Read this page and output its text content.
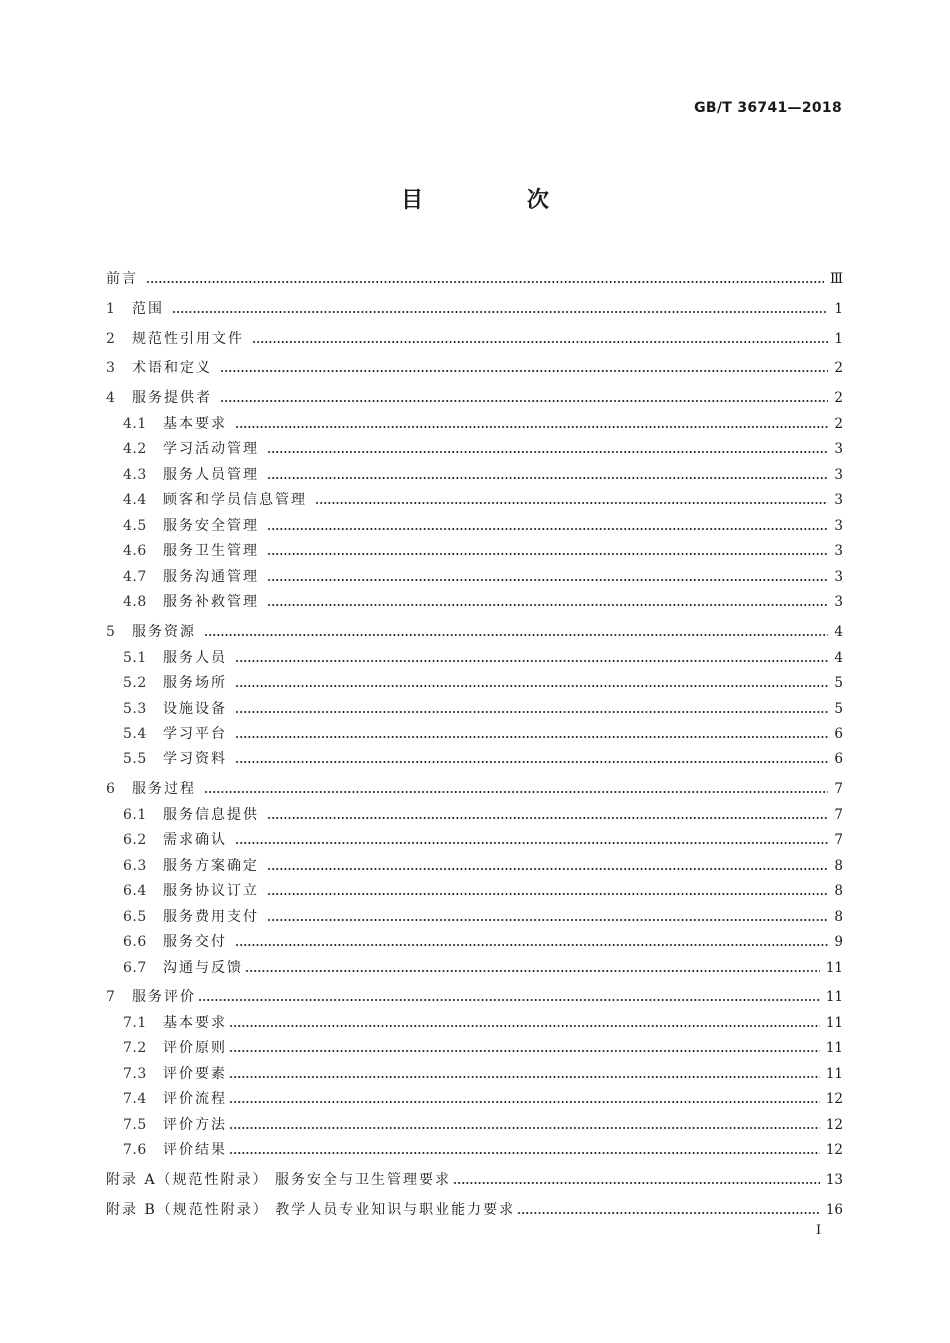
GB/T 36741—2018
目 次
前言	Ⅲ
1	范围	1
2	规范性引用文件	1
3	术语和定义	2
4	服务提供者	2
4.1	基本要求	2
4.2	学习活动管理	3
4.3	服务人员管理	3
4.4	顾客和学员信息管理	3
4.5	服务安全管理	3
4.6	服务卫生管理	3
4.7	服务沟通管理	3
4.8	服务补救管理	3
5	服务资源	4
5.1	服务人员	4
5.2	服务场所	5
5.3	设施设备	5
5.4	学习平台	6
5.5	学习资料	6
6	服务过程	7
6.1	服务信息提供	7
6.2	需求确认	7
6.3	服务方案确定	8
6.4	服务协议订立	8
6.5	服务费用支付	8
6.6	服务交付	9
6.7	沟通与反馈	11
7	服务评价	11
7.1	基本要求	11
7.2	评价原则	11
7.3	评价要素	11
7.4	评价流程	12
7.5	评价方法	12
7.6	评价结果	12
附录 A（规范性附录） 服务安全与卫生管理要求	13
附录 B（规范性附录） 教学人员专业知识与职业能力要求	16
I
